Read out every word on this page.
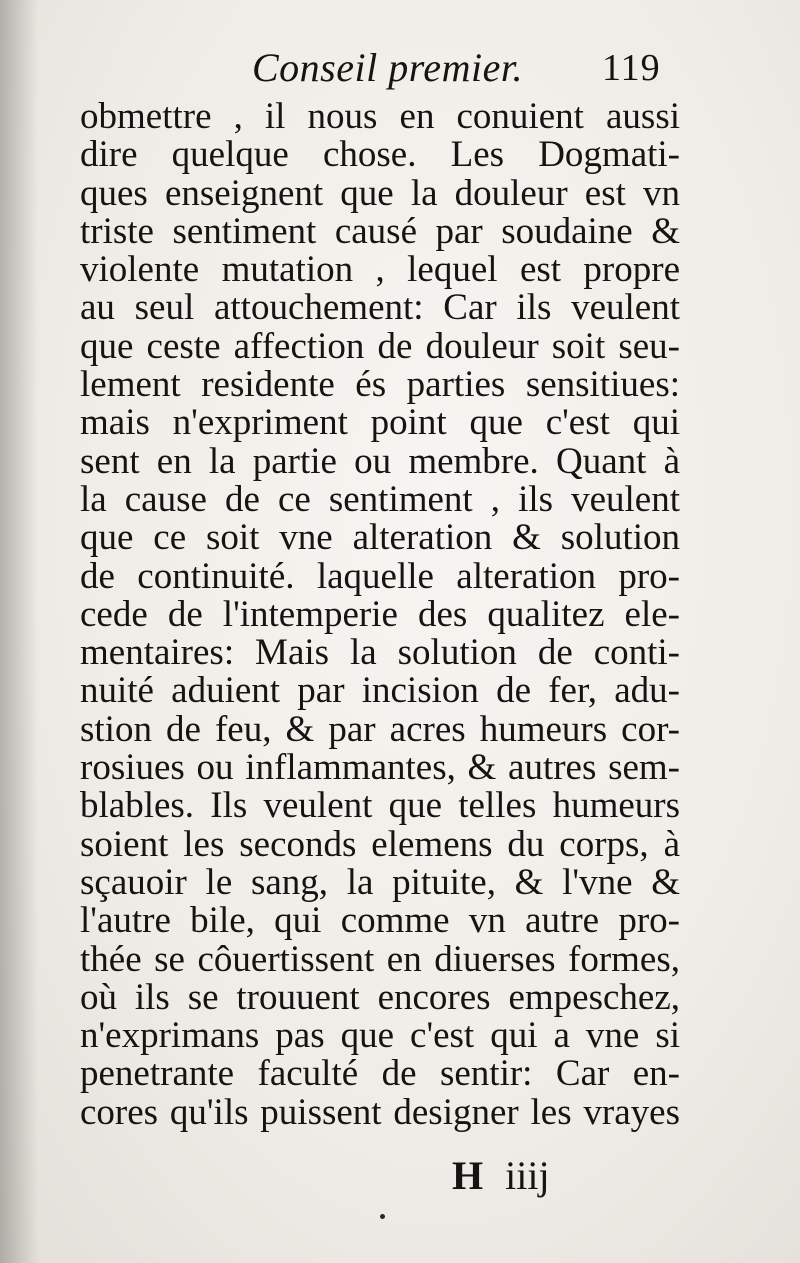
Conseil premier. 119
obmettre , il nous en conuient aussi
dire quelque chose. Les Dogmati-
ques enseignent que la douleur est vn
triste sentiment causé par soudaine &
violente mutation , lequel est propre
au seul attouchement: Car ils veulent
que ceste affection de douleur soit seu-
lement residente és parties sensitiues:
mais n'expriment point que c'est qui
sent en la partie ou membre. Quant à
la cause de ce sentiment , ils veulent
que ce soit vne alteration & solution
de continuité. laquelle alteration pro-
cede de l'intemperie des qualitez ele-
mentaires: Mais la solution de conti-
nuité aduient par incision de fer, adu-
stion de feu, & par acres humeurs cor-
rosiues ou inflammantes, & autres sem-
blables. Ils veulent que telles humeurs
soient les seconds elemens du corps, à
sçauoir le sang, la pituite, & l'vne &
l'autre bile, qui comme vn autre pro-
thée se côuertissent en diuerses formes,
où ils se trouuent encores empeschez,
n'exprimans pas que c'est qui a vne si
penetrante faculté de sentir: Car en-
cores qu'ils puissent designer les vrayes
H iiij
